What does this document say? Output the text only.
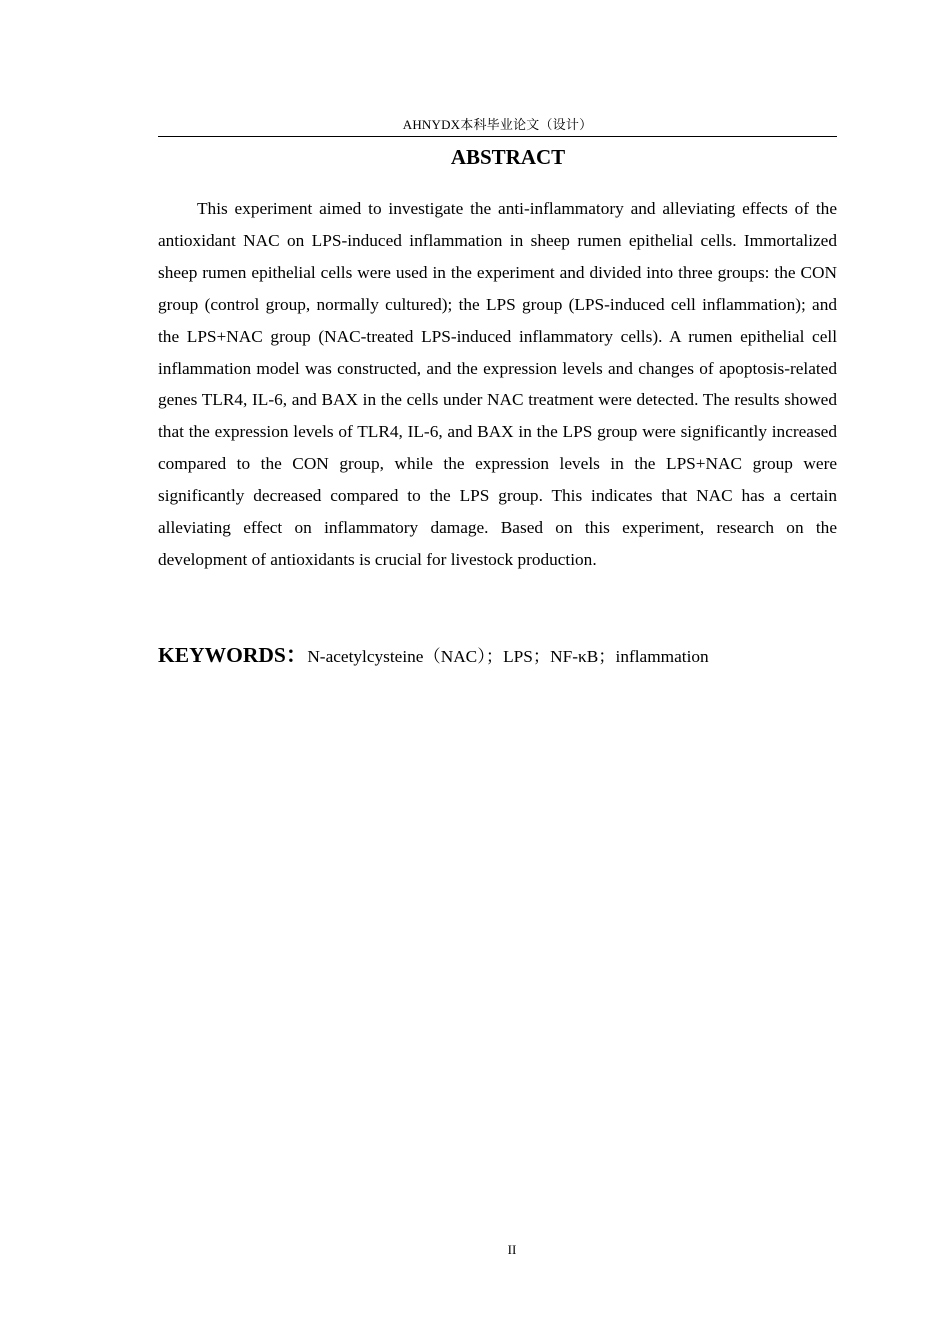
AHNYDX本科毕业论文（设计）
ABSTRACT

This experiment aimed to investigate the anti-inflammatory and alleviating effects of the antioxidant NAC on LPS-induced inflammation in sheep rumen epithelial cells. Immortalized sheep rumen epithelial cells were used in the experiment and divided into three groups: the CON group (control group, normally cultured); the LPS group (LPS-induced cell inflammation); and the LPS+NAC group (NAC-treated LPS-induced inflammatory cells). A rumen epithelial cell inflammation model was constructed, and the expression levels and changes of apoptosis-related genes TLR4, IL-6, and BAX in the cells under NAC treatment were detected. The results showed that the expression levels of TLR4, IL-6, and BAX in the LPS group were significantly increased compared to the CON group, while the expression levels in the LPS+NAC group were significantly decreased compared to the LPS group. This indicates that NAC has a certain alleviating effect on inflammatory damage. Based on this experiment, research on the development of antioxidants is crucial for livestock production.

KEYWORDS：N-acetylcysteine（NAC）；LPS；NF-κB；inflammation
II
